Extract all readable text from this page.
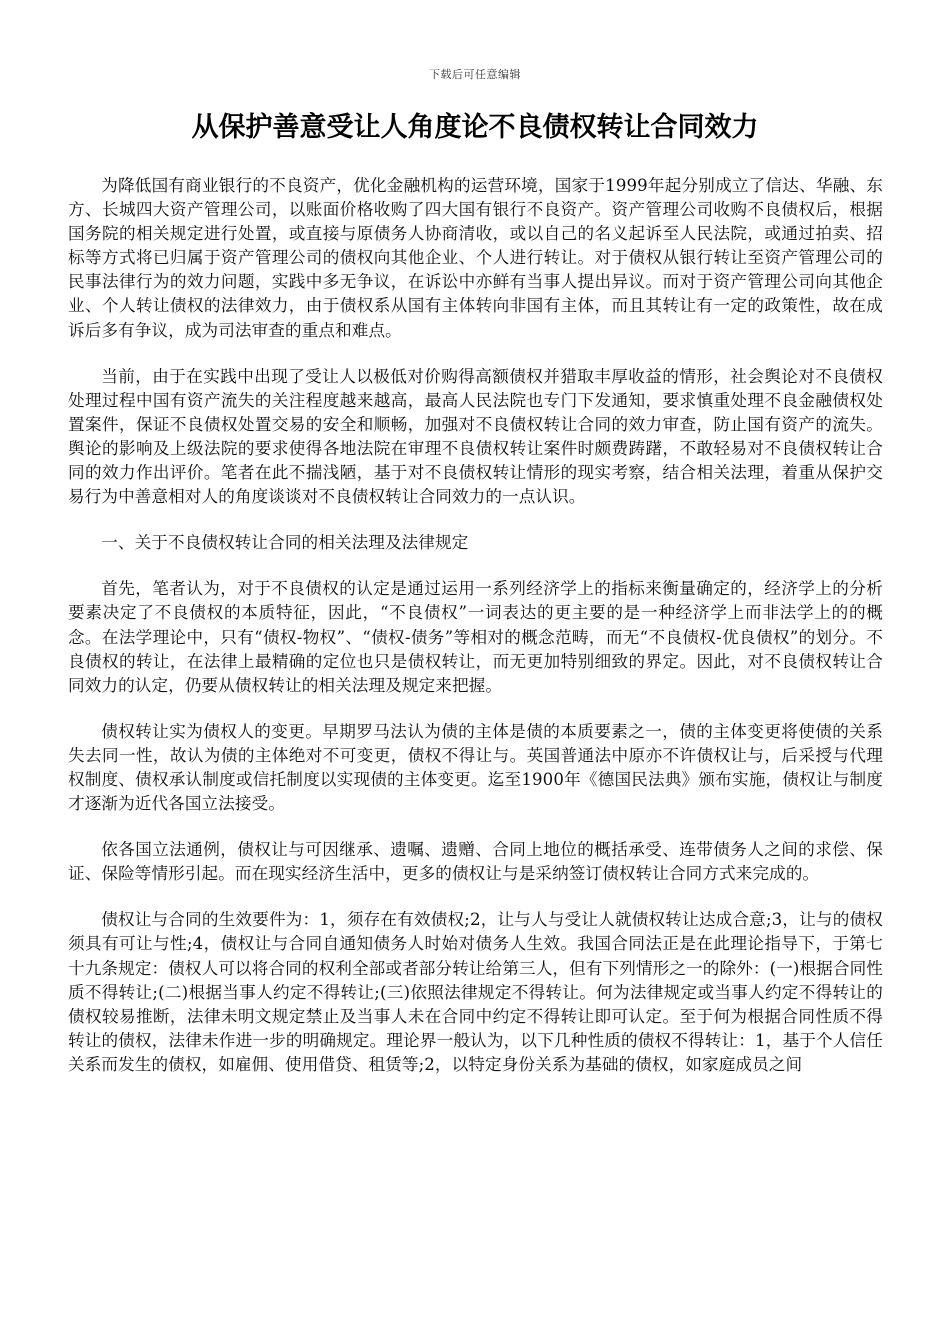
下载后可任意编辑
从保护善意受让人角度论不良债权转让合同效力

为降低国有商业银行的不良资产，优化金融机构的运营环境，国家于1999年起分别成立了信达、华融、东方、长城四大资产管理公司，以账面价格收购了四大国有银行不良资产。资产管理公司收购不良债权后，根据国务院的相关规定进行处置，或直接与原债务人协商清收，或以自己的名义起诉至人民法院，或通过拍卖、招标等方式将已归属于资产管理公司的债权向其他企业、个人进行转让。对于债权从银行转让至资产管理公司的民事法律行为的效力问题，实践中多无争议，在诉讼中亦鲜有当事人提出异议。而对于资产管理公司向其他企业、个人转让债权的法律效力，由于债权系从国有主体转向非国有主体，而且其转让有一定的政策性，故在成诉后多有争议，成为司法审查的重点和难点。

当前，由于在实践中出现了受让人以极低对价购得高额债权并猎取丰厚收益的情形，社会舆论对不良债权处理过程中国有资产流失的关注程度越来越高，最高人民法院也专门下发通知，要求慎重处理不良金融债权处置案件，保证不良债权处置交易的安全和顺畅，加强对不良债权转让合同的效力审查，防止国有资产的流失。舆论的影响及上级法院的要求使得各地法院在审理不良债权转让案件时颇费踌躇，不敢轻易对不良债权转让合同的效力作出评价。笔者在此不揣浅陋，基于对不良债权转让情形的现实考察，结合相关法理，着重从保护交易行为中善意相对人的角度谈谈对不良债权转让合同效力的一点认识。

一、关于不良债权转让合同的相关法理及法律规定

首先，笔者认为，对于不良债权的认定是通过运用一系列经济学上的指标来衡量确定的，经济学上的分析要素决定了不良债权的本质特征，因此，“不良债权”一词表达的更主要的是一种经济学上而非法学上的的概念。在法学理论中，只有“债权-物权”、“债权-债务”等相对的概念范畴，而无“不良债权-优良债权”的划分。不良债权的转让，在法律上最精确的定位也只是债权转让，而无更加特别细致的界定。因此，对不良债权转让合同效力的认定，仍要从债权转让的相关法理及规定来把握。

债权转让实为债权人的变更。早期罗马法认为债的主体是债的本质要素之一，债的主体变更将使债的关系失去同一性，故认为债的主体绝对不可变更，债权不得让与。英国普通法中原亦不许债权让与，后采授与代理权制度、债权承认制度或信托制度以实现债的主体变更。迄至1900年《德国民法典》颁布实施，债权让与制度才逐渐为近代各国立法接受。

依各国立法通例，债权让与可因继承、遗嘱、遗赠、合同上地位的概括承受、连带债务人之间的求偿、保证、保险等情形引起。而在现实经济生活中，更多的债权让与是采纳签订债权转让合同方式来完成的。

债权让与合同的生效要件为：1，须存在有效债权;2，让与人与受让人就债权转让达成合意;3，让与的债权须具有可让与性;4，债权让与合同自通知债务人时始对债务人生效。我国合同法正是在此理论指导下，于第七十九条规定：债权人可以将合同的权利全部或者部分转让给第三人，但有下列情形之一的除外：(一)根据合同性质不得转让;(二)根据当事人约定不得转让;(三)依照法律规定不得转让。何为法律规定或当事人约定不得转让的债权较易推断，法律未明文规定禁止及当事人未在合同中约定不得转让即可认定。至于何为根据合同性质不得转让的债权，法律未作进一步的明确规定。理论界一般认为，以下几种性质的债权不得转让：1，基于个人信任关系而发生的债权，如雇佣、使用借贷、租赁等;2，以特定身份关系为基础的债权，如家庭成员之间
